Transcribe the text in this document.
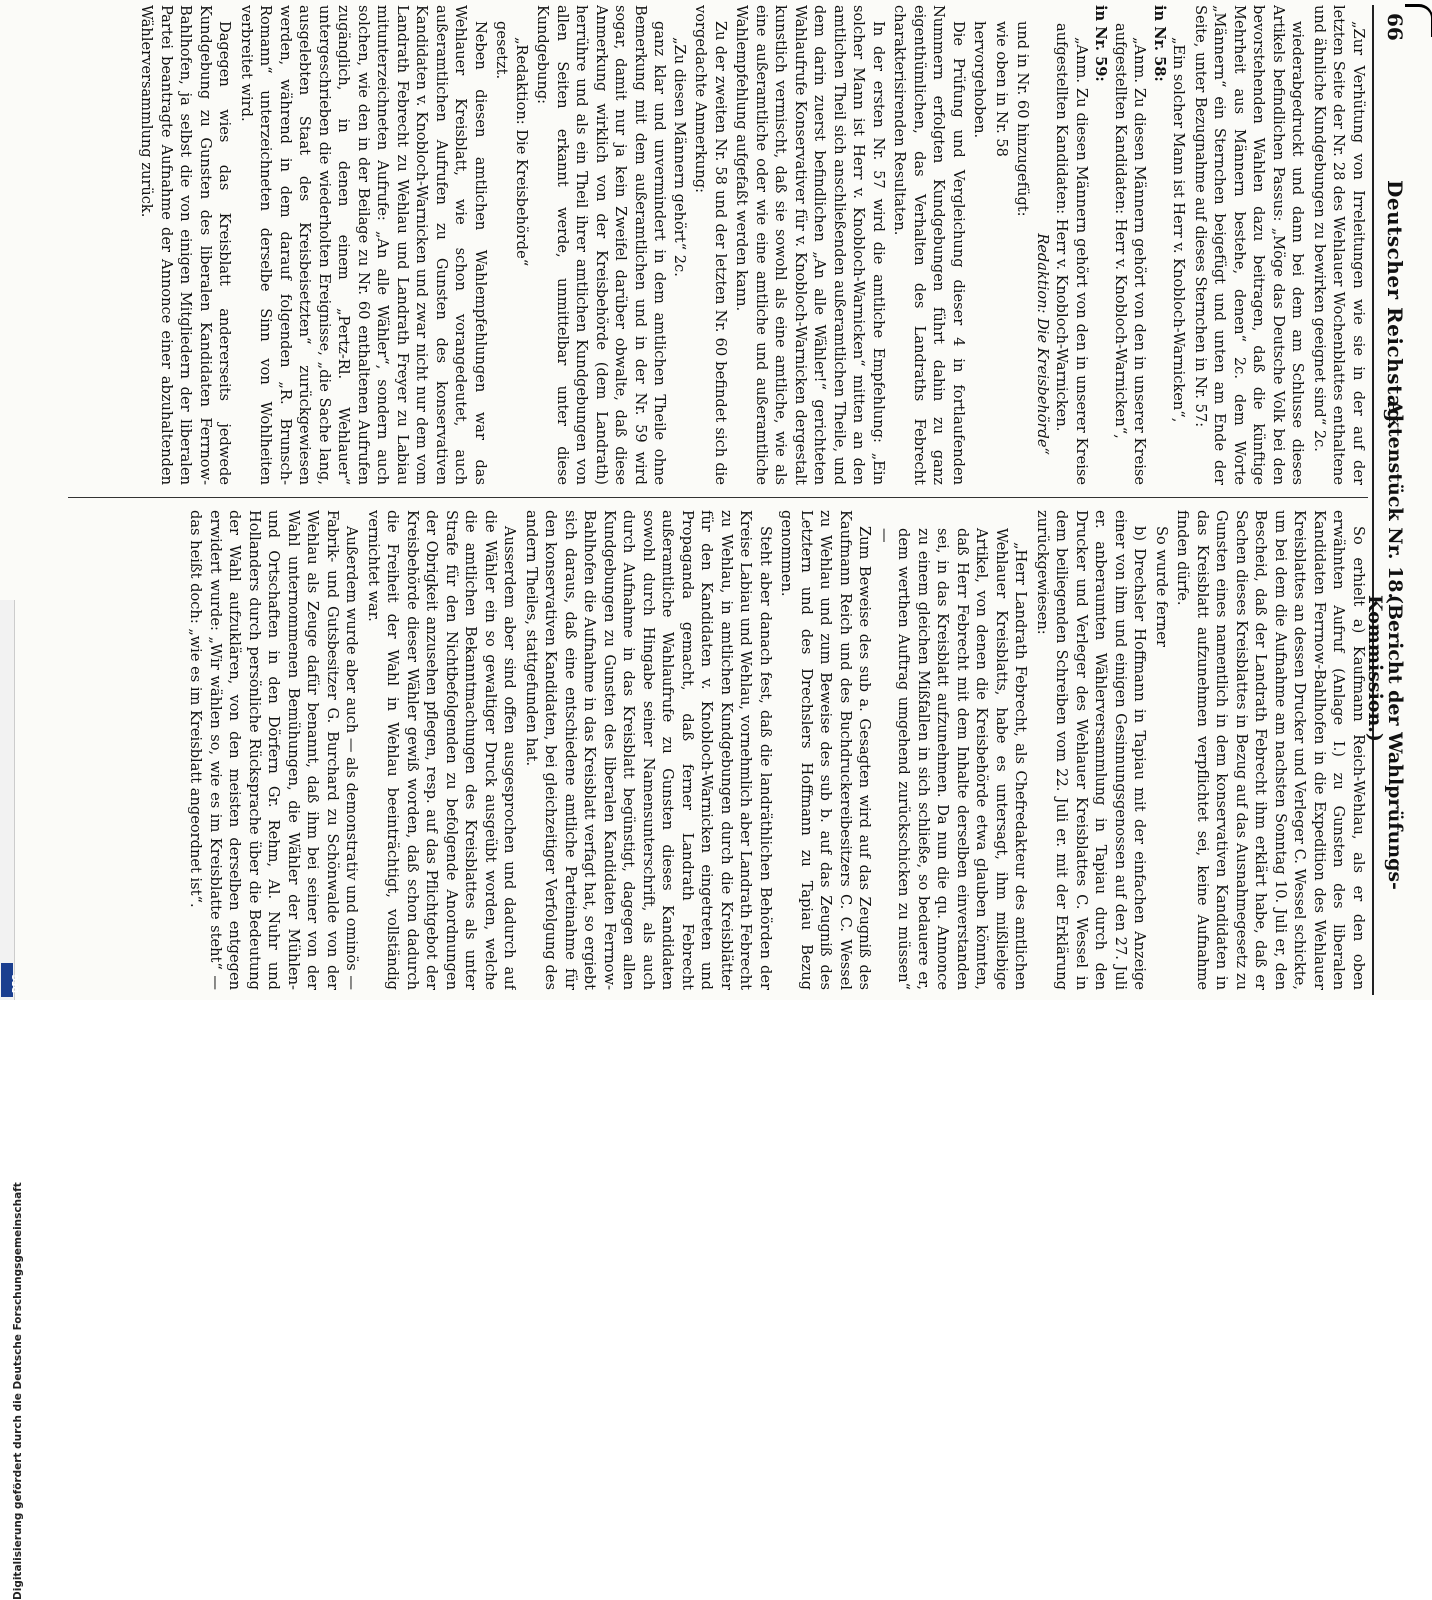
66
Deutscher Reichstag.
Aktenstück Nr. 18.
(Bericht der Wahlprüfungs-Kommission.)

„Zur Verhütung von Irreleitungen wie sie in der auf der letzten Seite der Nr. 28 des Wehlauer Wochenblattes enthaltene und ähnliche Kundgebungen zu bewirken geeignet sind“ 2c.

wiederabgedruckt und dann bei dem am Schlusse dieses Artikels befindlichen Passus: „Möge das Deutsche Volk bei den bevorstehenden Wahlen dazu beitragen, daß die künftige Mehrheit aus Männern bestehe, denen“ 2c. dem Worte „Männern“ ein Sternchen beigefügt und unten am Ende der Seite, unter Bezugnahme auf dieses Sternchen in Nr. 57:

„Ein solcher Mann ist Herr v. Knobloch-Warnicken“,

in Nr. 58:

„Anm. Zu diesen Männern gehört von den in unserer Kreise aufgestellten Kandidaten: Herr v. Knobloch-Warnicken“,

in Nr. 59:

„Anm. Zu diesen Männern gehört von den in unserer Kreise aufgestellten Kandidaten: Herr v. Knobloch-Warnicken.

Redaktion: Die Kreisbehörde“

und in Nr. 60 hinzugefügt:

wie oben in Nr. 58

hervorgehoben.

Die Prüfung und Vergleichung dieser 4 in fortlaufenden Nummern erfolgten Kundgebungen führt dahin zu ganz eigenthümlichen, das Verhalten des Landraths Febrecht charakterisirenden Resultaten.

In der ersten Nr. 57 wird die amtliche Empfehlung: „Ein solcher Mann ist Herr v. Knobloch-Warnicken“ mitten an den amtlichen Theil sich anschließenden außeramtlichen Theile, und dem darin zuerst befindlichen „An alle Wähler!“ gerichteten Wahlaufrufe Konservativer für v. Knobloch-Warnicken dergestalt kunstlich vermischt, daß sie sowohl als eine amtliche, wie als eine außeramtliche oder wie eine amtliche und außeramtliche Wahlempfehlung aufgefaßt werden kann.

Zu der zweiten Nr. 58 und der letzten Nr. 60 befindet sich die vorgedachte Anmerkung:

„Zu diesen Männern gehört“ 2c.

ganz klar und unvermindert in dem amtlichen Theile ohne Bemerkung mit dem außeramtlichen und in der Nr. 59 wird sogar, damit nur ja kein Zweifel darüber obwalte, daß diese Anmerkung wirklich von der Kreisbehörde (dem Landrath) herrühre und als ein Theil ihrer amtlichen Kundgebungen von allen Seiten erkannt werde, unmittelbar unter diese Kundgebung:

„Redaktion: Die Kreisbehörde“

gesetzt.

Neben diesen amtlichen Wahlempfehlungen war das Wehlauer Kreisblatt, wie schon vorangedeutet, auch außeramtlichen Aufrufen zu Gunsten des konservativen Kandidaten v. Knobloch-Warnicken und zwar nicht nur dem vom Landrath Febrecht zu Wehlau und Landrath Freyer zu Labiau mitunterzeichneten Aufrufe: „An alle Wähler“, sondern auch solchen, wie den in der Beilage zu Nr. 60 enthaltenen Aufrufen zugänglich, in denen einem „Pertz-Rl. Wehlauer“ untergeschrieben die wiederholten Ereignisse, „die Sache lang, ausgelebten Staat des Kreisbeisetzten“ zurückgewiesen werden, während in dem darauf folgenden „R. Brunsch-Romann“ unterzeichneten derselbe Sinn von Wohlheiten verbreitet wird.

Dagegen wies das Kreisblatt andererseits jedwede Kundgebung zu Gunsten des liberalen Kandidaten Ferrnow-Bahlhofen, ja selbst die von einigen Mitgliedern der liberalen Partei beantragte Aufnahme der Annonce einer abzuhaltenden Wählerversammlung zurück.

So erhielt a) Kaufmann Reich-Wehlau, als er den oben erwähnten Aufruf (Anlage I.) zu Gunsten des liberalen Kandidaten Ferrnow-Bahlhofen in die Expedition des Wehlauer Kreisblattes an dessen Drucker und Verleger C. Wessel schickte, um bei dem die Aufnahme am nachsten Sonntag 10. Juli er, den Bescheid, daß der Landrath Febrecht ihm erklärt habe, daß er Sachen dieses Kreisblattes in Bezug auf das Ausnahmegesetz zu Gunsten eines namentlich in dem konservativen Kandidaten in das Kreisblatt aufzunehmen verpflichtet sei, keine Aufnahme finden dürfe.

So wurde ferner

b) Drechsler Hoffmann in Tapiau mit der einfachen Anzeige einer von ihm und einigen Gesinnungsgenossen auf den 27. Juli er. anberaumten Wählerversammlung in Tapiau durch den Drucker und Verleger des Wehlauer Kreisblattes C. Wessel in dem beiliegenden Schreiben vom 22. Juli er. mit der Erklärung zurückgewiesen:

„Herr Landrath Febrecht, als Chefredakteur des amtlichen Wehlauer Kreisblatts, habe es untersagt, ihm mißliebige Artikel, von denen die Kreisbehörde etwa glauben könnten, daß Herr Febrecht mit dem Inhalte derselben einverstanden sei, in das Kreisblatt aufzunehmen. Da nun die qu. Annonce zu einem gleichen Mißfallen in sich schließe, so bedauere er, dem werthen Auftrag umgehend zurückschicken zu müssen“ —

Zum Beweise des sub a. Gesagten wird auf das Zeugniß des Kaufmann Reich und des Buchdruckereibesitzers C. C. Wessel zu Wehlau und zum Beweise des sub b. auf das Zeugniß des Letztern und des Drechslers Hoffmann zu Tapiau Bezug genommen.

Steht aber danach fest, daß die landräthlichen Behörden der Kreise Labiau und Wehlau, vornehmlich aber Landrath Febrecht zu Wehlau, in amtlichen Kundgebungen durch die Kreisblätter für den Kandidaten v. Knobloch-Warnicken eingetreten und Propaganda gemacht, daß ferner Landrath Febrecht außeramtliche Wahlaufrufe zu Gunsten dieses Kandidaten sowohl durch Hingabe seiner Namensunterschrift, als auch durch Aufnahme in das Kreisblatt begünstigt, dagegen allen Kundgebungen zu Gunsten des liberalen Kandidaten Ferrnow-Bahlhofen die Aufnahme in das Kreisblatt verfagt hat, so ergiebt sich daraus, daß eine entschiedene amtliche Parteinahme für den konservativen Kandidaten, bei gleichzeitiger Verfolgung des andern Theiles, stattgefunden hat.

Ausserdem aber sind offen ausgesprochen und dadurch auf die Wähler ein so gewaltiger Druck ausgeübt worden, welche die amtlichen Bekanntmachungen des Kreisblattes als unter Strafe für den Nichtbefolgenden zu befolgende Anordnungen der Obrigkeit anzusehen pflegen, resp. auf das Pflichtgebot der Kreisbehörde dieser Wähler gewiß worden, daß schon dadurch die Freiheit der Wahl in Wehlau beeinträchtigt, vollständig vernichtet war.

Außerdem wurde aber auch — als demonstrativ und ominös — Fabrik- und Gutsbesitzer G. Burchard zu Schönwalde von der Wehlau als Zeuge dafür benannt, daß ihm bei seiner von der Wahl unternommenen Bemühungen, die Wähler der Mühlen- und Ortschaften in den Dörfern Gr. Rehm, Al. Nuhr und Hollanders durch persönliche Rücksprache über die Bedeutung der Wahl aufzuklären, von den meisten derselben entgegen erwidert wurde: „Wir wählen so, wie es im Kreisblatte steht“ — das heißt doch: „wie es im Kreisblatt angeordnet ist“.

Digitalisierung gefördert durch die Deutsche Forschungsgemeinschaft
DFG
